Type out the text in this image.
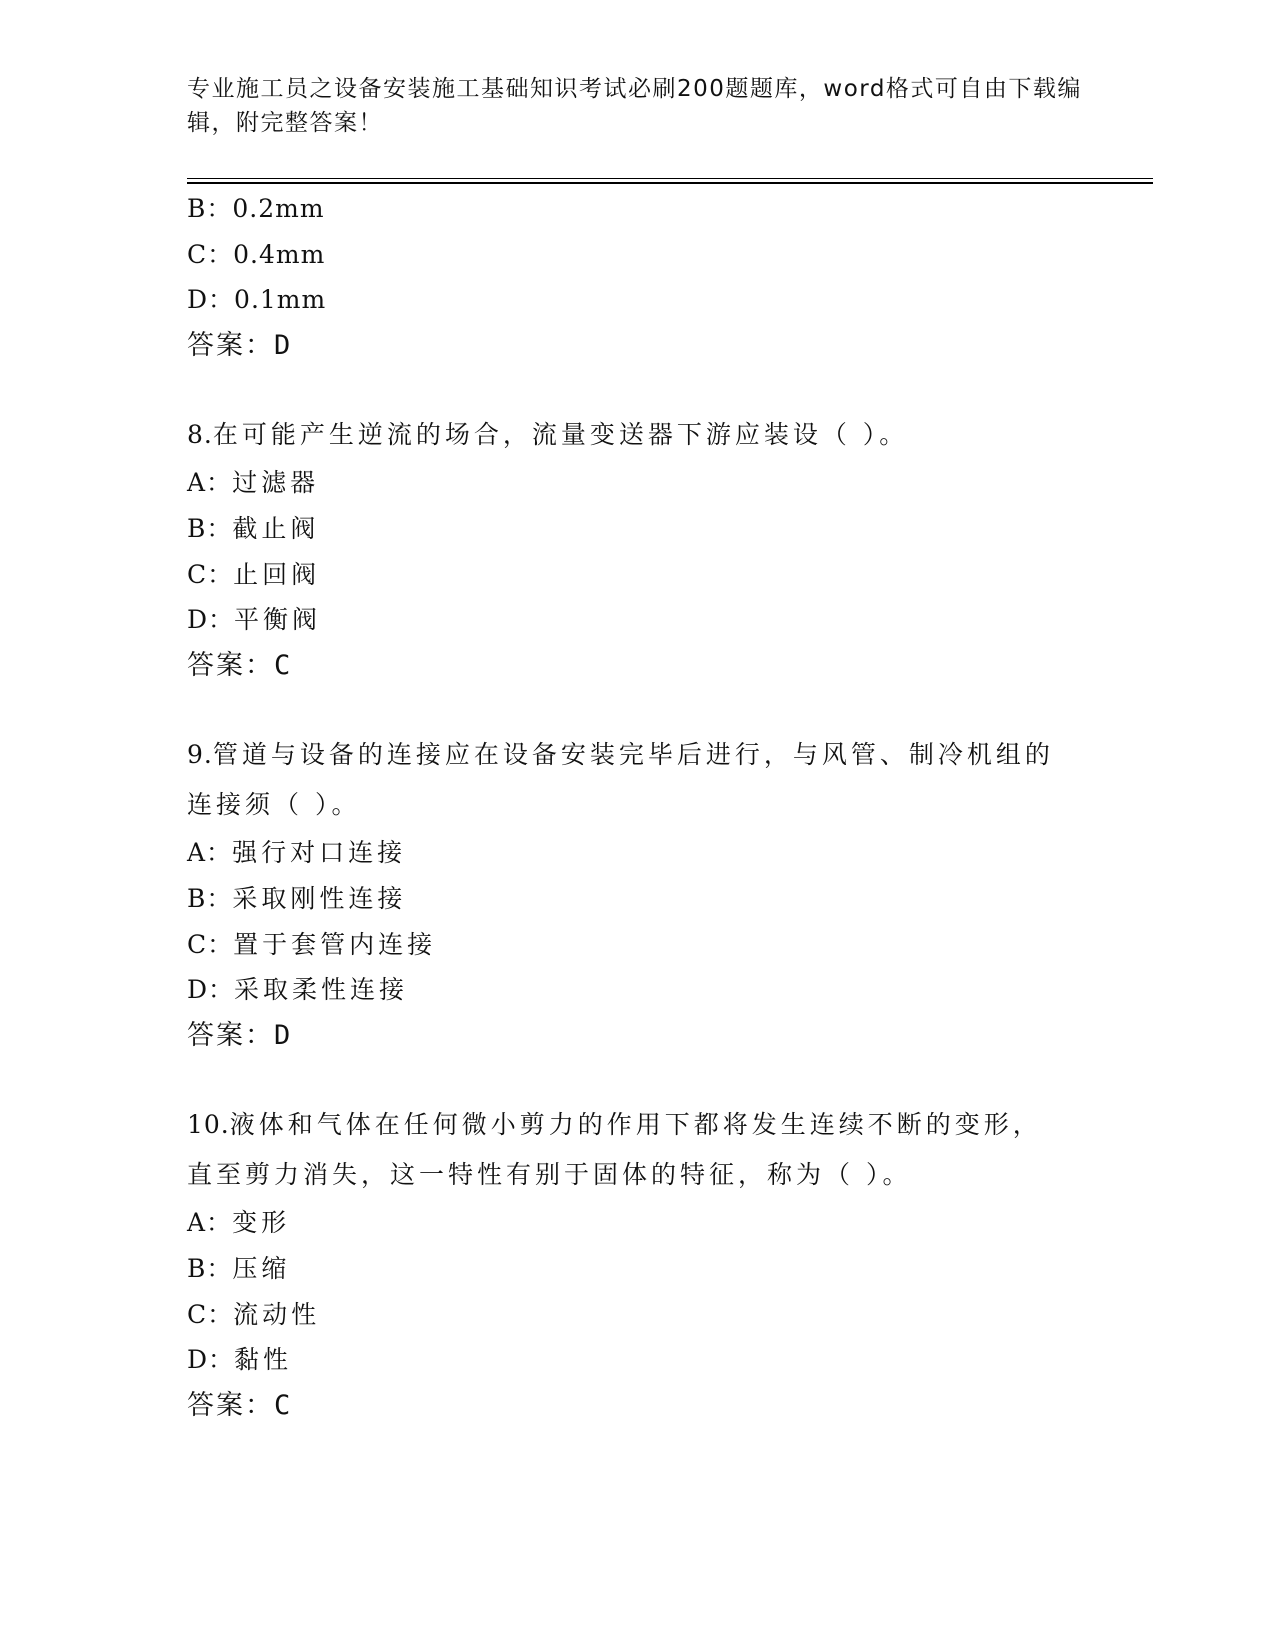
专业施工员之设备安装施工基础知识考试必刷200题题库，word格式可自由下载编辑，附完整答案！
B：0.2mm
C：0.4mm
D：0.1mm
答案：D
8.在可能产生逆流的场合，流量变送器下游应装设（ ）。
A：过滤器
B：截止阀
C：止回阀
D：平衡阀
答案：C
9.管道与设备的连接应在设备安装完毕后进行，与风管、制冷机组的连接须（ ）。
A：强行对口连接
B：采取刚性连接
C：置于套管内连接
D：采取柔性连接
答案：D
10.液体和气体在任何微小剪力的作用下都将发生连续不断的变形，直至剪力消失，这一特性有别于固体的特征，称为（ ）。
A：变形
B：压缩
C：流动性
D：黏性
答案：C
